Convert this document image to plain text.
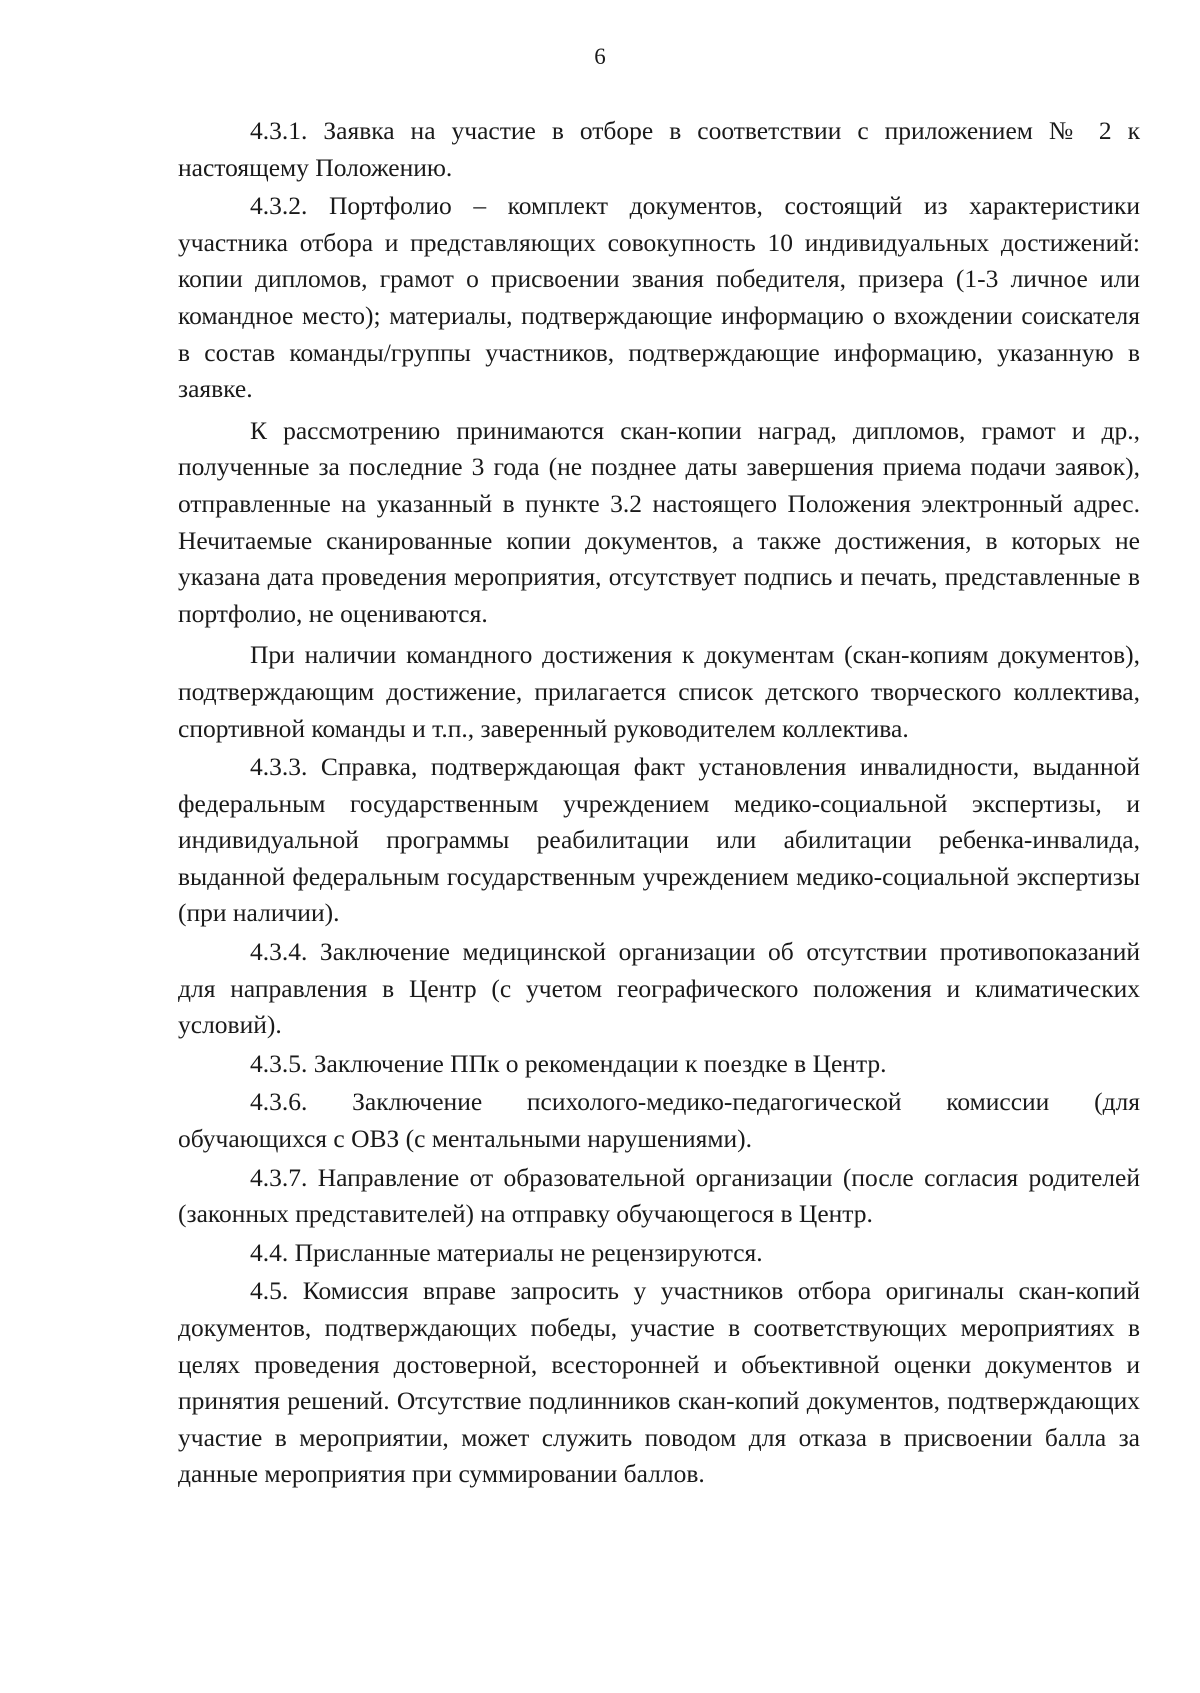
6

4.3.1. Заявка на участие в отборе в соответствии с приложением № 2 к настоящему Положению.

4.3.2. Портфолио – комплект документов, состоящий из характеристики участника отбора и представляющих совокупность 10 индивидуальных достижений: копии дипломов, грамот о присвоении звания победителя, призера (1-3 личное или командное место); материалы, подтверждающие информацию о вхождении соискателя в состав команды/группы участников, подтверждающие информацию, указанную в заявке.

К рассмотрению принимаются скан-копии наград, дипломов, грамот и др., полученные за последние 3 года (не позднее даты завершения приема подачи заявок), отправленные на указанный в пункте 3.2 настоящего Положения электронный адрес. Нечитаемые сканированные копии документов, а также достижения, в которых не указана дата проведения мероприятия, отсутствует подпись и печать, представленные в портфолио, не оцениваются.

При наличии командного достижения к документам (скан-копиям документов), подтверждающим достижение, прилагается список детского творческого коллектива, спортивной команды и т.п., заверенный руководителем коллектива.

4.3.3. Справка, подтверждающая факт установления инвалидности, выданной федеральным государственным учреждением медико-социальной экспертизы, и индивидуальной программы реабилитации или абилитации ребенка-инвалида, выданной федеральным государственным учреждением медико-социальной экспертизы (при наличии).

4.3.4. Заключение медицинской организации об отсутствии противопоказаний для направления в Центр (с учетом географического положения и климатических условий).

4.3.5. Заключение ППк о рекомендации к поездке в Центр.

4.3.6. Заключение психолого-медико-педагогической комиссии (для обучающихся с ОВЗ (с ментальными нарушениями).

4.3.7. Направление от образовательной организации (после согласия родителей (законных представителей) на отправку обучающегося в Центр.

4.4. Присланные материалы не рецензируются.

4.5. Комиссия вправе запросить у участников отбора оригиналы скан-копий документов, подтверждающих победы, участие в соответствующих мероприятиях в целях проведения достоверной, всесторонней и объективной оценки документов и принятия решений. Отсутствие подлинников скан-копий документов, подтверждающих участие в мероприятии, может служить поводом для отказа в присвоении балла за данные мероприятия при суммировании баллов.
